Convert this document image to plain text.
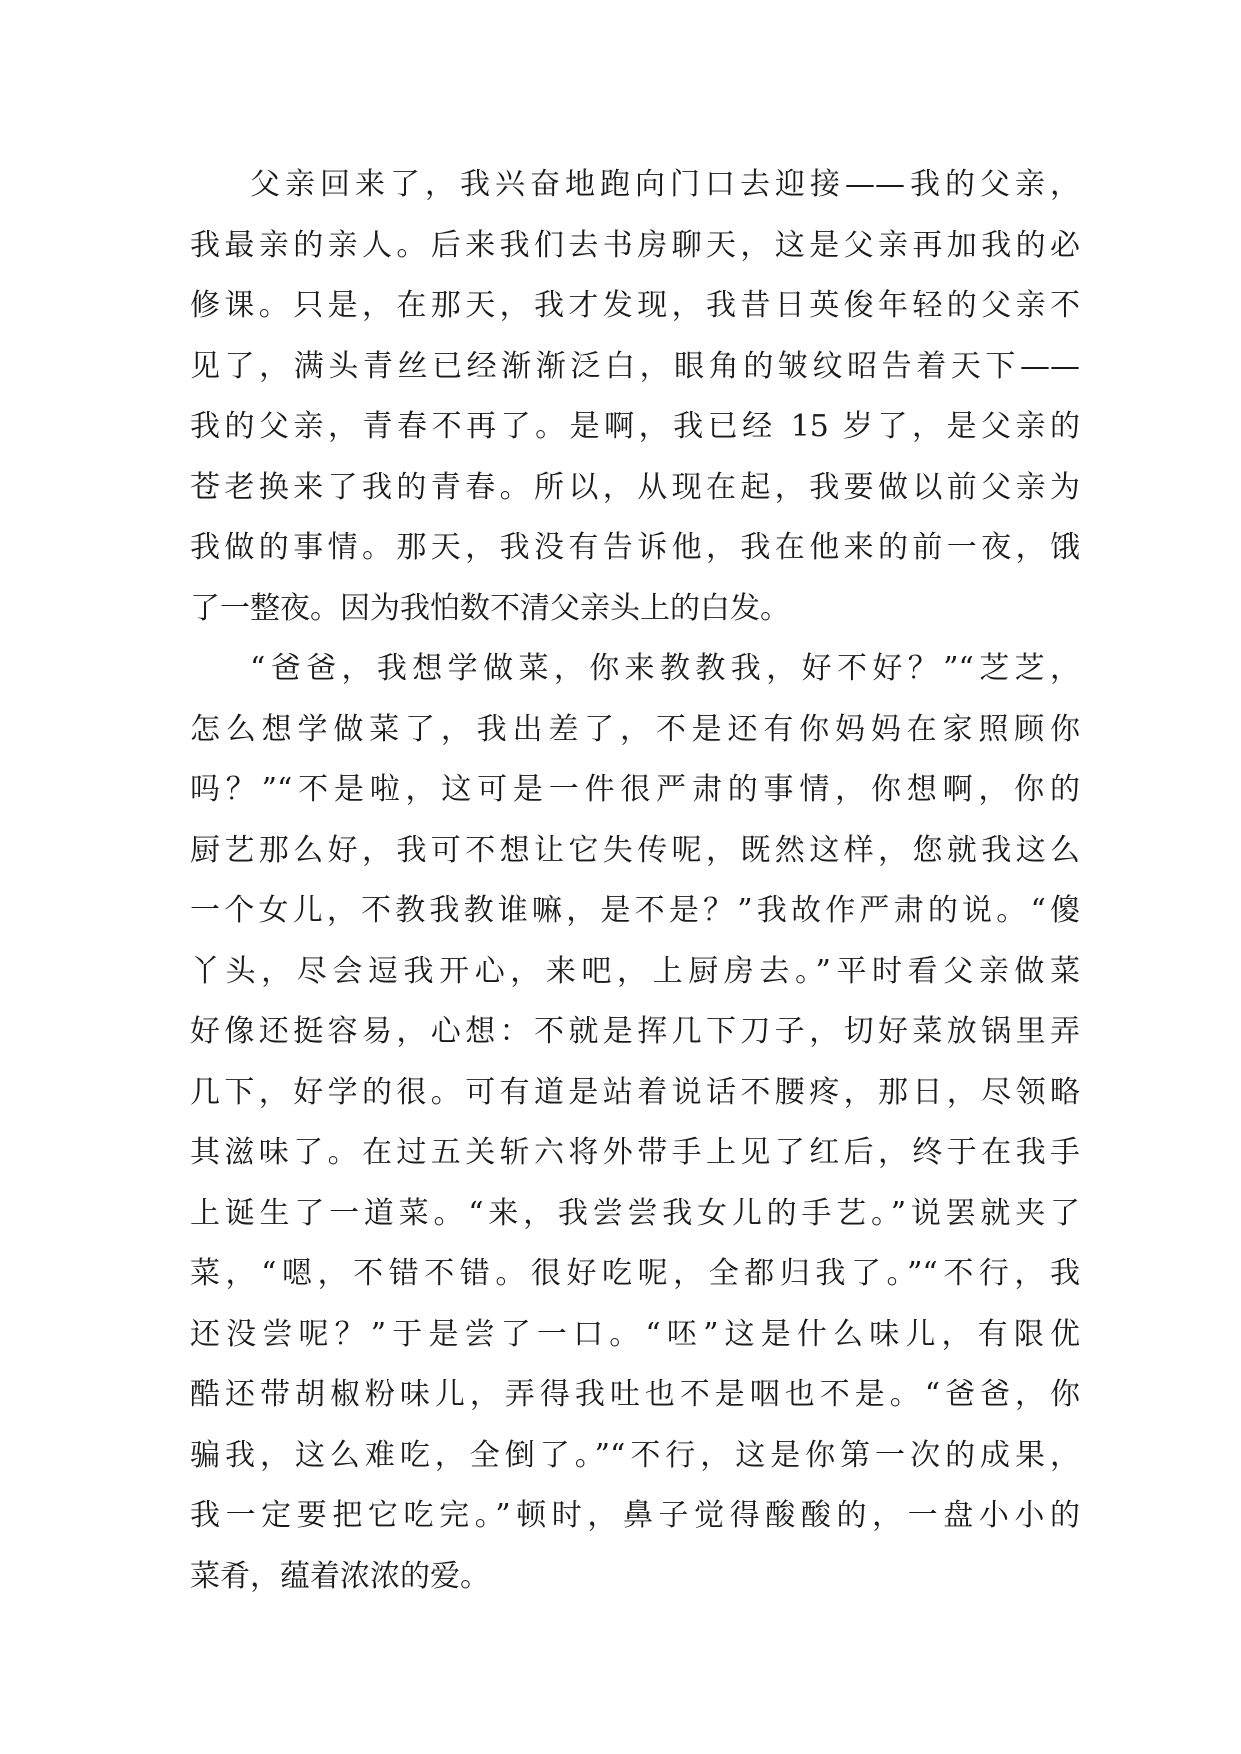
父亲回来了，我兴奋地跑向门口去迎接——我的父亲，
我最亲的亲人。后来我们去书房聊天，这是父亲再加我的必
修课。只是，在那天，我才发现，我昔日英俊年轻的父亲不
见了，满头青丝已经渐渐泛白，眼角的皱纹昭告着天下——
我的父亲，青春不再了。是啊，我已经 15 岁了，是父亲的
苍老换来了我的青春。所以，从现在起，我要做以前父亲为
我做的事情。那天，我没有告诉他，我在他来的前一夜，饿
了一整夜。因为我怕数不清父亲头上的白发。
“爸爸，我想学做菜，你来教教我，好不好？”“芝芝，
怎么想学做菜了，我出差了，不是还有你妈妈在家照顾你
吗？”“不是啦，这可是一件很严肃的事情，你想啊，你的
厨艺那么好，我可不想让它失传呢，既然这样，您就我这么
一个女儿，不教我教谁嘛，是不是？”我故作严肃的说。“傻
丫头，尽会逗我开心，来吧，上厨房去。”平时看父亲做菜
好像还挺容易，心想：不就是挥几下刀子，切好菜放锅里弄
几下，好学的很。可有道是站着说话不腰疼，那日，尽领略
其滋味了。在过五关斩六将外带手上见了红后，终于在我手
上诞生了一道菜。“来，我尝尝我女儿的手艺。”说罢就夹了
菜，“嗯，不错不错。很好吃呢，全都归我了。”“不行，我
还没尝呢？”于是尝了一口。“呸”这是什么味儿，有限优
酷还带胡椒粉味儿，弄得我吐也不是咽也不是。“爸爸，你
骗我，这么难吃，全倒了。”“不行，这是你第一次的成果，
我一定要把它吃完。”顿时，鼻子觉得酸酸的，一盘小小的
菜肴，蕴着浓浓的爱。
